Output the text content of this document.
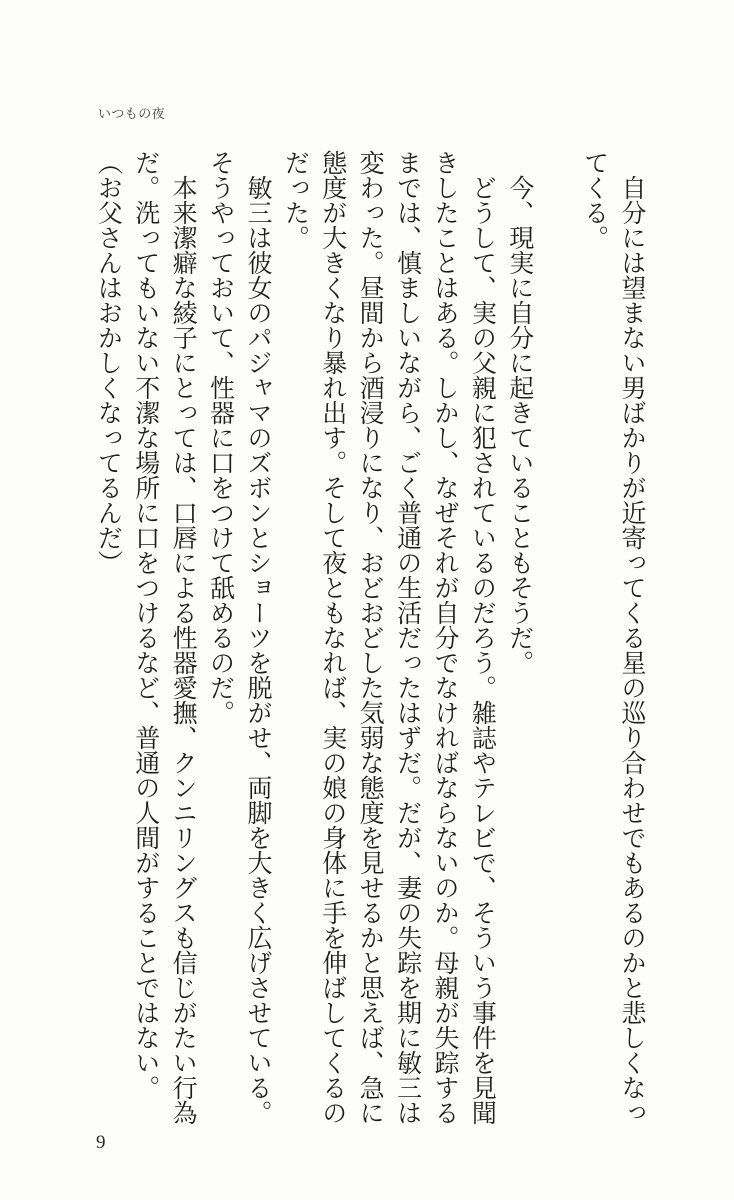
いつもの夜

自分には望まない男ばかりが近寄ってくる星の巡り合わせでもあるのかと悲しくなっ

てくる。

今、現実に自分に起きていることもそうだ。

どうして、実の父親に犯されているのだろう。雑誌やテレビで、そういう事件を見聞

きしたことはある。しかし、なぜそれが自分でなければならないのか。母親が失踪する

までは、慎ましいながら、ごく普通の生活だったはずだ。だが、妻の失踪を期に敏三は

変わった。昼間から酒浸りになり、おどおどした気弱な態度を見せるかと思えば、急に

態度が大きくなり暴れ出す。そして夜ともなれば、実の娘の身体に手を伸ばしてくるの

だった。

敏三は彼女のパジャマのズボンとショーツを脱がせ、両脚を大きく広げさせている。

そうやっておいて、性器に口をつけて舐めるのだ。

本来潔癖な綾子にとっては、口唇による性器愛撫、クンニリングスも信じがたい行為

だ。洗ってもいない不潔な場所に口をつけるなど、普通の人間がすることではない。

（お父さんはおかしくなってるんだ）

9
